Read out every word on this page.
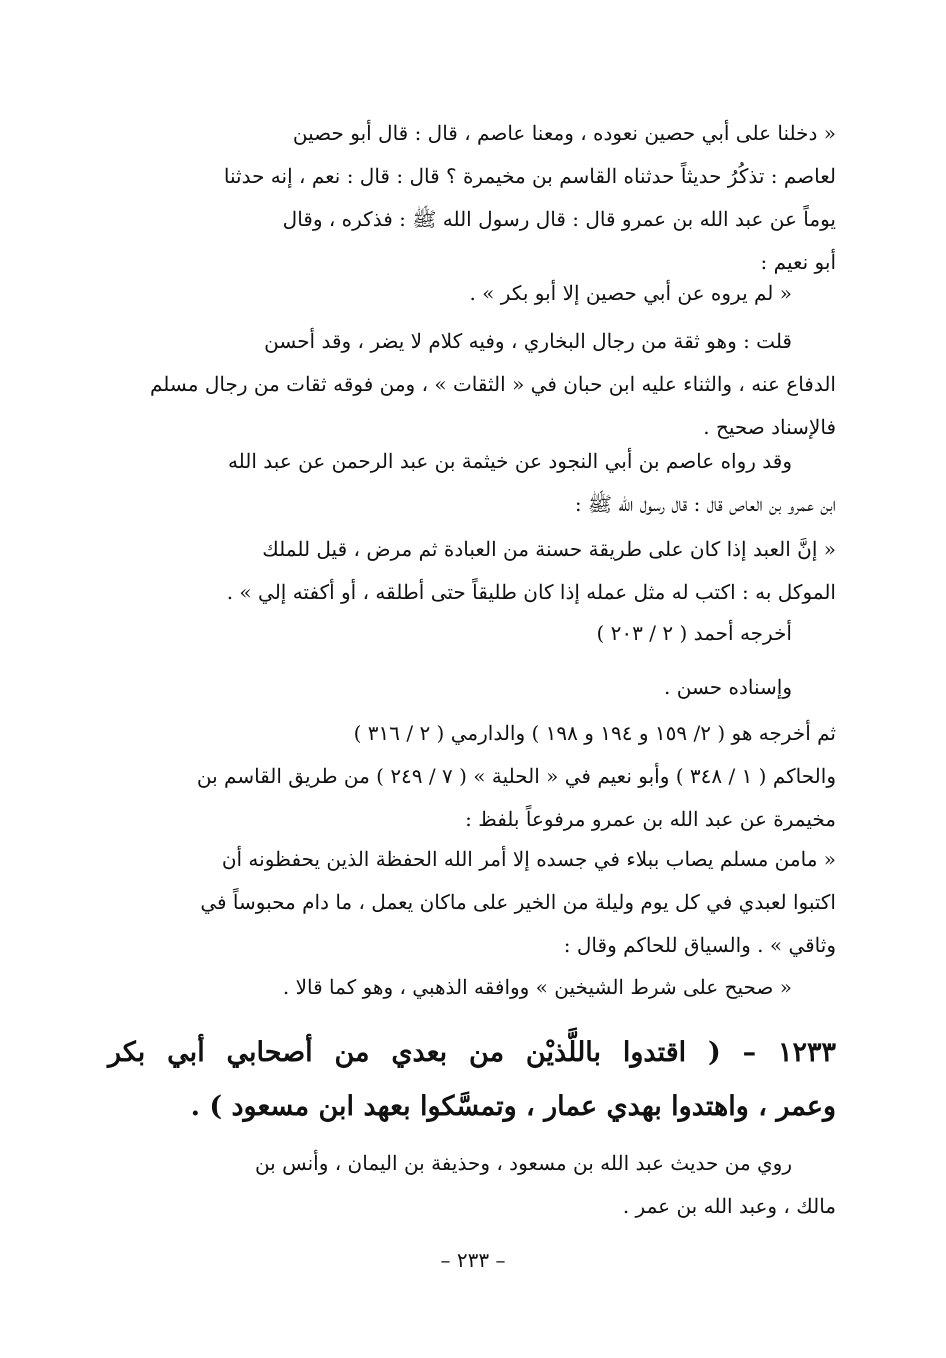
« دخلنا على أبي حصين نعوده ، ومعنا عاصم ، قال : قال أبو حصين
لعاصم : تذكُرُ حديثاً حدثناه القاسم بن مخيمرة ؟ قال : قال : نعم ، إنه حدثنا
يوماً عن عبد الله بن عمرو قال : قال رسول الله ﷺ : فذكره ، وقال
أبو نعيم :
« لم يروه عن أبي حصين إلا أبو بكر » .
قلت : وهو ثقة من رجال البخاري ، وفيه كلام لا يضر ، وقد أحسن
الدفاع عنه ، والثناء عليه ابن حبان في « الثقات » ، ومن فوقه ثقات من رجال مسلم
فالإسناد صحيح .
وقد رواه عاصم بن أبي النجود عن خيثمة بن عبد الرحمن عن عبد الله
ابن عمرو بن العاص قال : قال رسول الله ﷺ :
« إنَّ العبد إذا كان على طريقة حسنة من العبادة ثم مرض ، قيل للملك
الموكل به : اكتب له مثل عمله إذا كان طليقاً حتى أطلقه ، أو أكفته إلي » .
أخرجه أحمد ( ٢ / ٢٠٣ )
وإسناده حسن .
ثم أخرجه هو ( ٢/ ١٥٩ و ١٩٤ و ١٩٨ ) والدارمي ( ٢ / ٣١٦ )
والحاكم ( ١ / ٣٤٨ ) وأبو نعيم في « الحلية » ( ٧ / ٢٤٩ ) من طريق القاسم بن
مخيمرة عن عبد الله بن عمرو مرفوعاً بلفظ :
« مامن مسلم يصاب ببلاء في جسده إلا أمر الله الحفظة الذين يحفظونه أن
اكتبوا لعبدي في كل يوم وليلة من الخير على ماكان يعمل ، ما دام محبوساً في
وثاقي » . والسياق للحاكم وقال :
« صحيح على شرط الشيخين » ووافقه الذهبي ، وهو كما قالا .
١٢٣٣ – ( اقتدوا باللَّذيْن من بعدي من أصحابي أبي بكر
وعمر ، واهتدوا بهدي عمار ، وتمسَّكوا بعهد ابن مسعود ) .
روي من حديث عبد الله بن مسعود ، وحذيفة بن اليمان ، وأنس بن
مالك ، وعبد الله بن عمر .
– ٢٣٣ –
